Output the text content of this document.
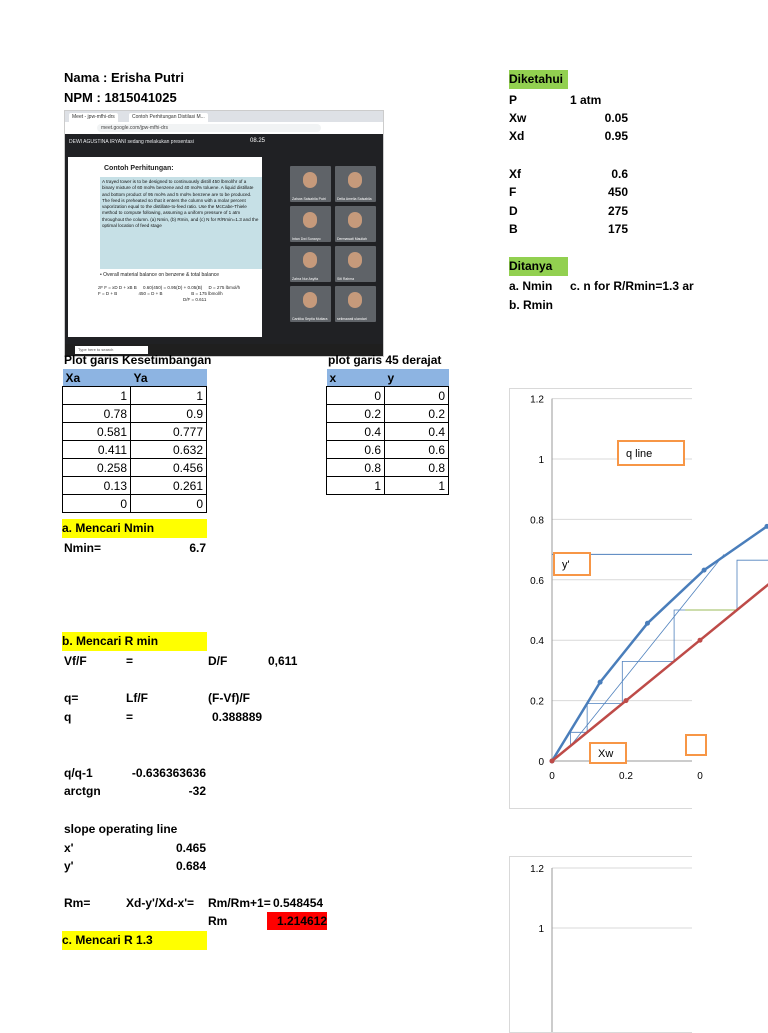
Nama : Erisha Putri
NPM : 1815041025
Meet - jpw-mfhi-drs	Contoh Perhitungan Distilasi M...
meet.google.com/jpw-mfhi-drs
DEWI AGUSTINA IRYANI sedang melakukan presentasi	08.25
Contoh Perhitungan:
A trayed tower is to be designed to continuously distill 450 lbmol/hr of a binary mixture of 60 mol% benzene and 40 mol% toluene. A liquid distillate and bottom product of 95 mol% and 5 mol% benzene are to be produced. The feed is preheated so that it enters the column with a molar percent vaporization equal to the distillate-to-feed ratio. Use the McCabe-Thiele method to compute following, assuming a uniform pressure of 1 atm throughout the column. (a) Nmin, (b) Rmin, and (c) N for R/Rmin=1.3 and the optimal location of feed stage
• Overall material balance on benzene & total balance
zF F = xD D + xB B     0.60(450) = 0.95(D) + 0.05(B)     D = 275 lbmol/h
F = D + B                 450 = D + B                       B = 175 lbmol/h
D/F = 0.611
Zahwa Salsabila Putri	Della Amelia Salsabila
Intan Dwi Sunaryo	Dermawati Mauliah
Zahra Nur Asyifa	Siti Rahma
Cantika Septia Mutiara	selimawati ulandari
Type here to search
Diketahui
P	1 atm
Xw	0.05
Xd	0.95
Xf	0.6
F	450
D	275
B	175
Ditanya
a. Nmin c. n for R/Rmin=1.3 ar
b. Rmin
Plot garis Kesetimbangan
Xa	Ya
1	1
0.78	0.9
0.581	0.777
0.411	0.632
0.258	0.456
0.13	0.261
0	0
plot garis 45 derajat
x	y
0	0
0.2	0.2
0.4	0.4
0.6	0.6
0.8	0.8
1	1
a. Mencari Nmin
Nmin=	6.7
b. Mencari R min
Vf/F	=	D/F	0,611
q=	Lf/F	(F-Vf)/F
q	=	0.388889
q/q-1	-0.636363636
arctgn	-32
slope operating line
x'	0.465
y'	0.684
Rm=	Xd-y'/Xd-x'= Rm/Rm+1= 0.548454
Rm	1.214612
c. Mencari R 1.3
0
0.2
0.4
0.6
0.8
1
1.2
0	0.2	0
q line
y'
Xw
1.2
1
